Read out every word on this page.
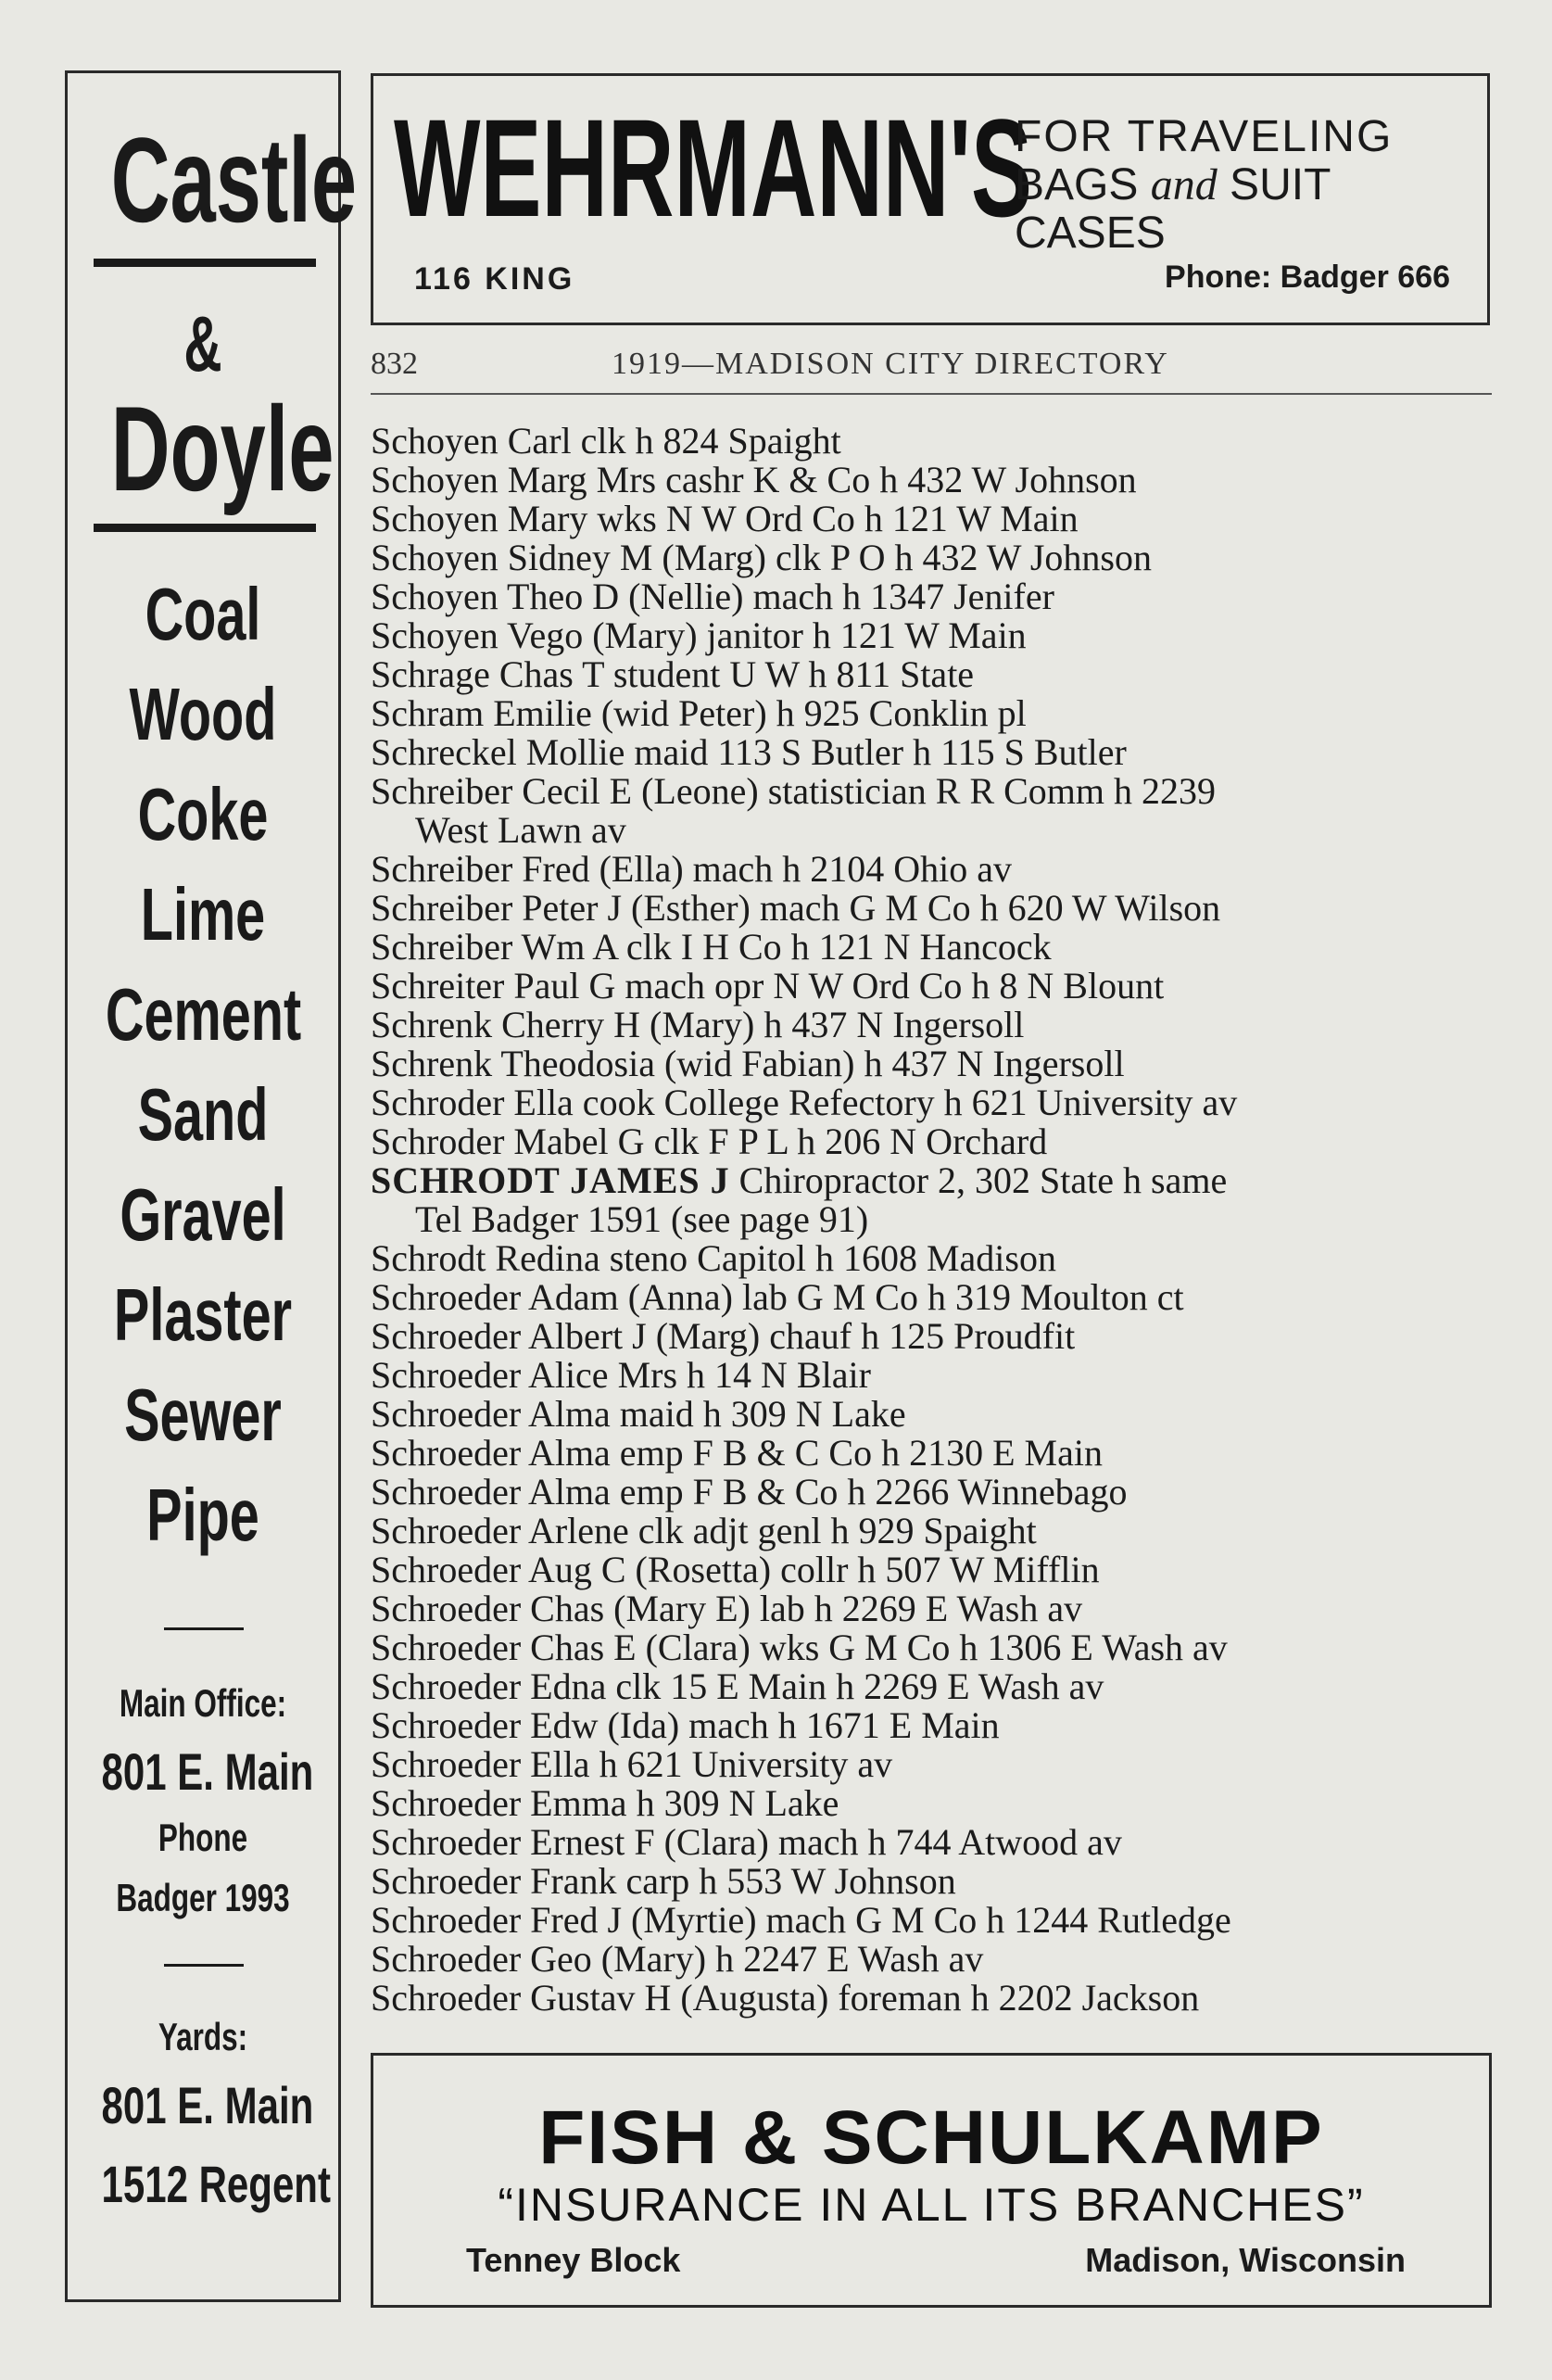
Castle
&
Doyle
Coal
Wood
Coke
Lime
Cement
Sand
Gravel
Plaster
Sewer
Pipe
Main Office:
801 E. Main
Phone
Badger 1993
Yards:
801 E. Main
1512 Regent
WEHRMANN'S
FOR TRAVELING
BAGS and SUIT
CASES
116 KING	Phone: Badger 666
832	1919—MADISON CITY DIRECTORY
Schoyen Carl clk h 824 Spaight
Schoyen Marg Mrs cashr K & Co h 432 W Johnson
Schoyen Mary wks N W Ord Co h 121 W Main
Schoyen Sidney M (Marg) clk P O h 432 W Johnson
Schoyen Theo D (Nellie) mach h 1347 Jenifer
Schoyen Vego (Mary) janitor h 121 W Main
Schrage Chas T student U W h 811 State
Schram Emilie (wid Peter) h 925 Conklin pl
Schreckel Mollie maid 113 S Butler h 115 S Butler
Schreiber Cecil E (Leone) statistician R R Comm h 2239
West Lawn av
Schreiber Fred (Ella) mach h 2104 Ohio av
Schreiber Peter J (Esther) mach G M Co h 620 W Wilson
Schreiber Wm A clk I H Co h 121 N Hancock
Schreiter Paul G mach opr N W Ord Co h 8 N Blount
Schrenk Cherry H (Mary) h 437 N Ingersoll
Schrenk Theodosia (wid Fabian) h 437 N Ingersoll
Schroder Ella cook College Refectory h 621 University av
Schroder Mabel G clk F P L h 206 N Orchard
SCHRODT JAMES J Chiropractor 2, 302 State h same
Tel Badger 1591 (see page 91)
Schrodt Redina steno Capitol h 1608 Madison
Schroeder Adam (Anna) lab G M Co h 319 Moulton ct
Schroeder Albert J (Marg) chauf h 125 Proudfit
Schroeder Alice Mrs h 14 N Blair
Schroeder Alma maid h 309 N Lake
Schroeder Alma emp F B & C Co h 2130 E Main
Schroeder Alma emp F B & Co h 2266 Winnebago
Schroeder Arlene clk adjt genl h 929 Spaight
Schroeder Aug C (Rosetta) collr h 507 W Mifflin
Schroeder Chas (Mary E) lab h 2269 E Wash av
Schroeder Chas E (Clara) wks G M Co h 1306 E Wash av
Schroeder Edna clk 15 E Main h 2269 E Wash av
Schroeder Edw (Ida) mach h 1671 E Main
Schroeder Ella h 621 University av
Schroeder Emma h 309 N Lake
Schroeder Ernest F (Clara) mach h 744 Atwood av
Schroeder Frank carp h 553 W Johnson
Schroeder Fred J (Myrtie) mach G M Co h 1244 Rutledge
Schroeder Geo (Mary) h 2247 E Wash av
Schroeder Gustav H (Augusta) foreman h 2202 Jackson
FISH & SCHULKAMP
“INSURANCE IN ALL ITS BRANCHES”
Tenney Block	Madison, Wisconsin
